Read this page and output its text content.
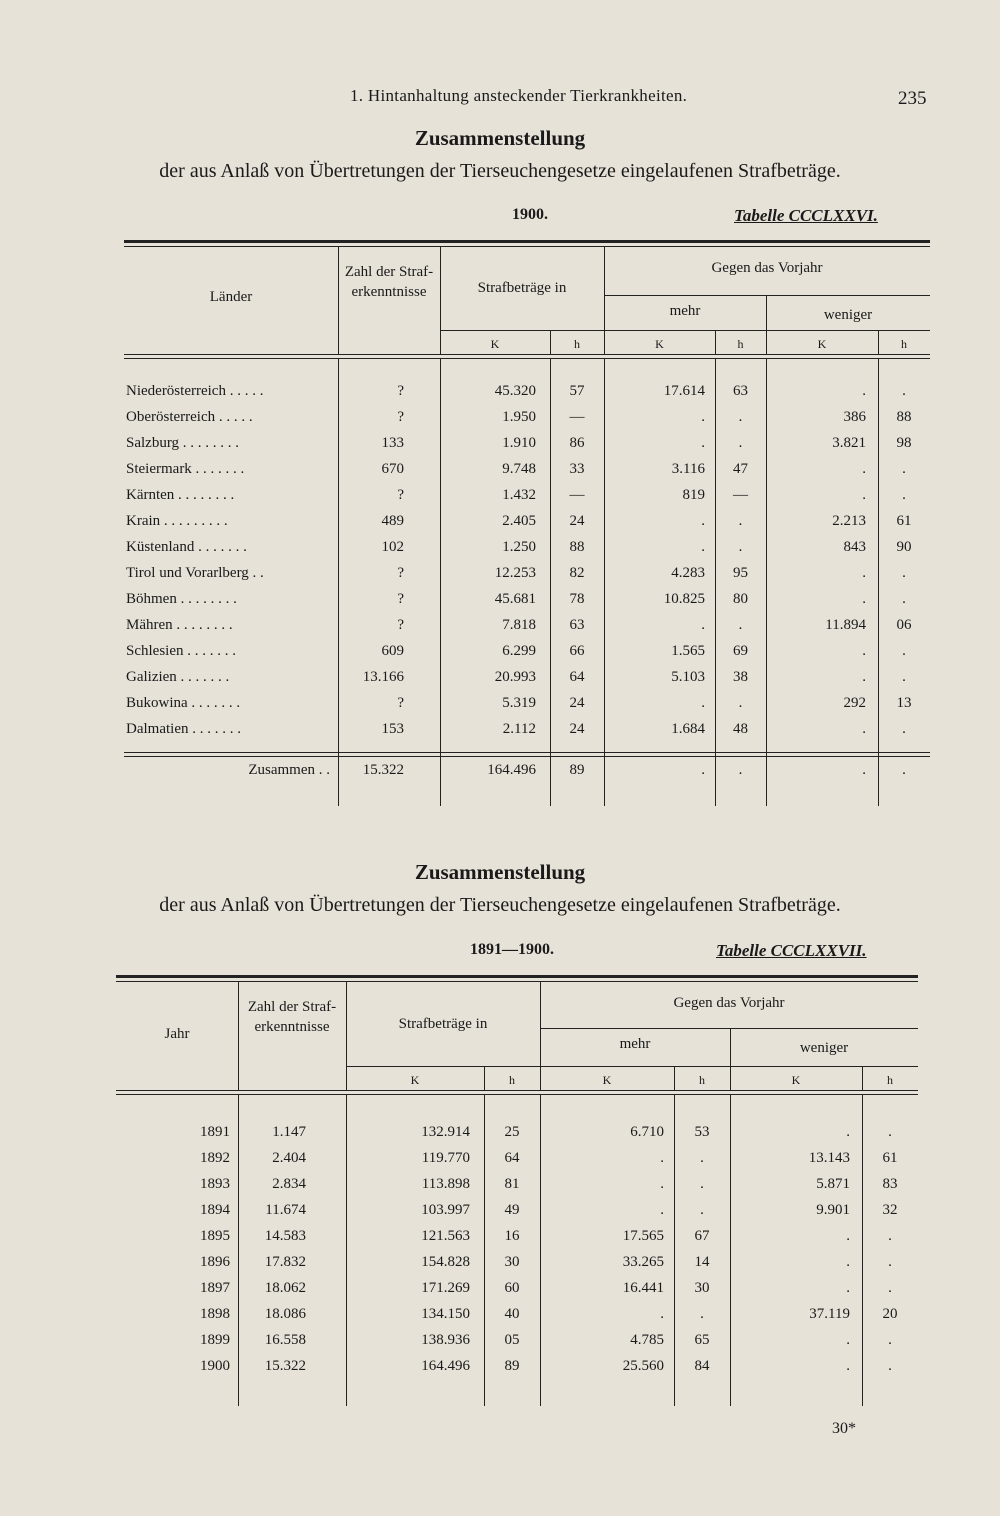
1. Hintanhaltung ansteckender Tierkrankheiten.	235
Zusammenstellung
der aus Anlaß von Übertretungen der Tierseuchengesetze eingelaufenen Strafbeträge.
1900.	Tabelle CCCLXXVI.
Länder
Zahl der Straf-erkenntnisse	Strafbeträge in
Gegen das Vorjahr
mehr	weniger
K	h	K	h	K	h
Niederösterreich . . . . .	?	45.320	57	17.614	63	.	.
Oberösterreich . . . . .	?	1.950	—	.	.	386	88
Salzburg . . . . . . . .	133	1.910	86	.	.	3.821	98
Steiermark . . . . . . .	670	9.748	33	3.116	47	.	.
Kärnten . . . . . . . .	?	1.432	—	819	—	.	.
Krain . . . . . . . . .	489	2.405	24	.	.	2.213	61
Küstenland . . . . . . .	102	1.250	88	.	.	843	90
Tirol und Vorarlberg . .	?	12.253	82	4.283	95	.	.
Böhmen . . . . . . . .	?	45.681	78	10.825	80	.	.
Mähren . . . . . . . .	?	7.818	63	.	.	11.894	06
Schlesien . . . . . . .	609	6.299	66	1.565	69	.	.
Galizien . . . . . . .	13.166	20.993	64	5.103	38	.	.
Bukowina . . . . . . .	?	5.319	24	.	.	292	13
Dalmatien . . . . . . .	153	2.112	24	1.684	48	.	.
Zusammen . .	15.322	164.496	89	.	.	.	.
Zusammenstellung
der aus Anlaß von Übertretungen der Tierseuchengesetze eingelaufenen Strafbeträge.
1891—1900.	Tabelle CCCLXXVII.
Jahr
Zahl der Straf-erkenntnisse	Strafbeträge in
Gegen das Vorjahr
mehr	weniger
K	h	K	h	K	h
1891	1.147	132.914	25	6.710	53	.	.
1892	2.404	119.770	64	.	.	13.143	61
1893	2.834	113.898	81	.	.	5.871	83
1894	11.674	103.997	49	.	.	9.901	32
1895	14.583	121.563	16	17.565	67	.	.
1896	17.832	154.828	30	33.265	14	.	.
1897	18.062	171.269	60	16.441	30	.	.
1898	18.086	134.150	40	.	.	37.119	20
1899	16.558	138.936	05	4.785	65	.	.
1900	15.322	164.496	89	25.560	84	.	.
30*
